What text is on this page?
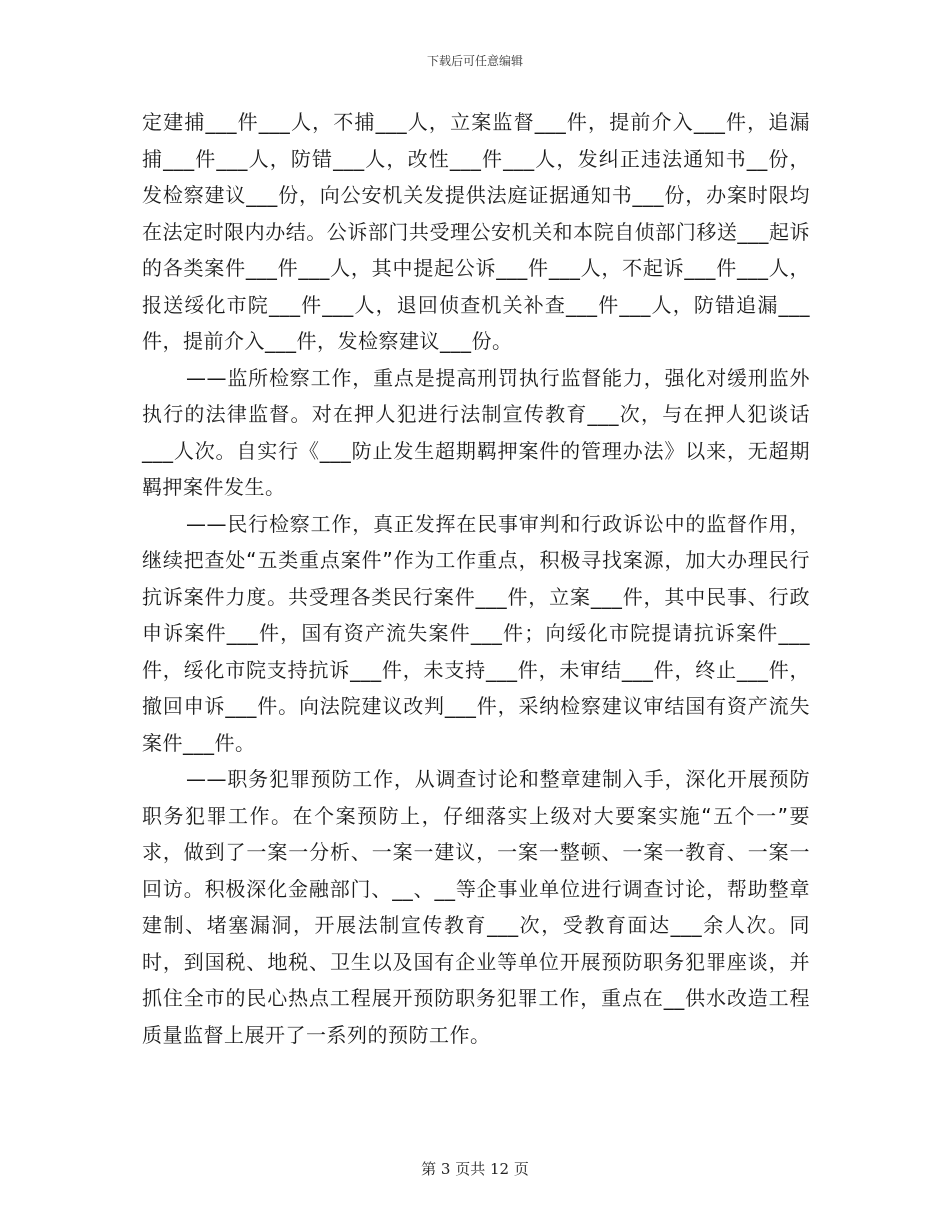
下载后可任意编辑

定建捕___件___人，不捕___人，立案监督___件，提前介入___件，追漏捕___件___人，防错___人，改性___件___人，发纠正违法通知书__份，发检察建议___份，向公安机关发提供法庭证据通知书___份，办案时限均在法定时限内办结。公诉部门共受理公安机关和本院自侦部门移送___起诉的各类案件___件___人，其中提起公诉___件___人，不起诉___件___人，报送绥化市院___件___人，退回侦查机关补查___件___人，防错追漏___件，提前介入___件，发检察建议___份。

——监所检察工作，重点是提高刑罚执行监督能力，强化对缓刑监外执行的法律监督。对在押人犯进行法制宣传教育___次，与在押人犯谈话___人次。自实行《___防止发生超期羁押案件的管理办法》以来，无超期羁押案件发生。

——民行检察工作，真正发挥在民事审判和行政诉讼中的监督作用，继续把查处“五类重点案件”作为工作重点，积极寻找案源，加大办理民行抗诉案件力度。共受理各类民行案件___件，立案___件，其中民事、行政申诉案件___件，国有资产流失案件___件；向绥化市院提请抗诉案件___件，绥化市院支持抗诉___件，未支持___件，未审结___件，终止___件，撤回申诉___件。向法院建议改判___件，采纳检察建议审结国有资产流失案件___件。

——职务犯罪预防工作，从调查讨论和整章建制入手，深化开展预防职务犯罪工作。在个案预防上，仔细落实上级对大要案实施“五个一”要求，做到了一案一分析、一案一建议，一案一整顿、一案一教育、一案一回访。积极深化金融部门、__、__等企事业单位进行调查讨论，帮助整章建制、堵塞漏洞，开展法制宣传教育___次，受教育面达___余人次。同时，到国税、地税、卫生以及国有企业等单位开展预防职务犯罪座谈，并抓住全市的民心热点工程展开预防职务犯罪工作，重点在__供水改造工程质量监督上展开了一系列的预防工作。

第 3 页共 12 页
